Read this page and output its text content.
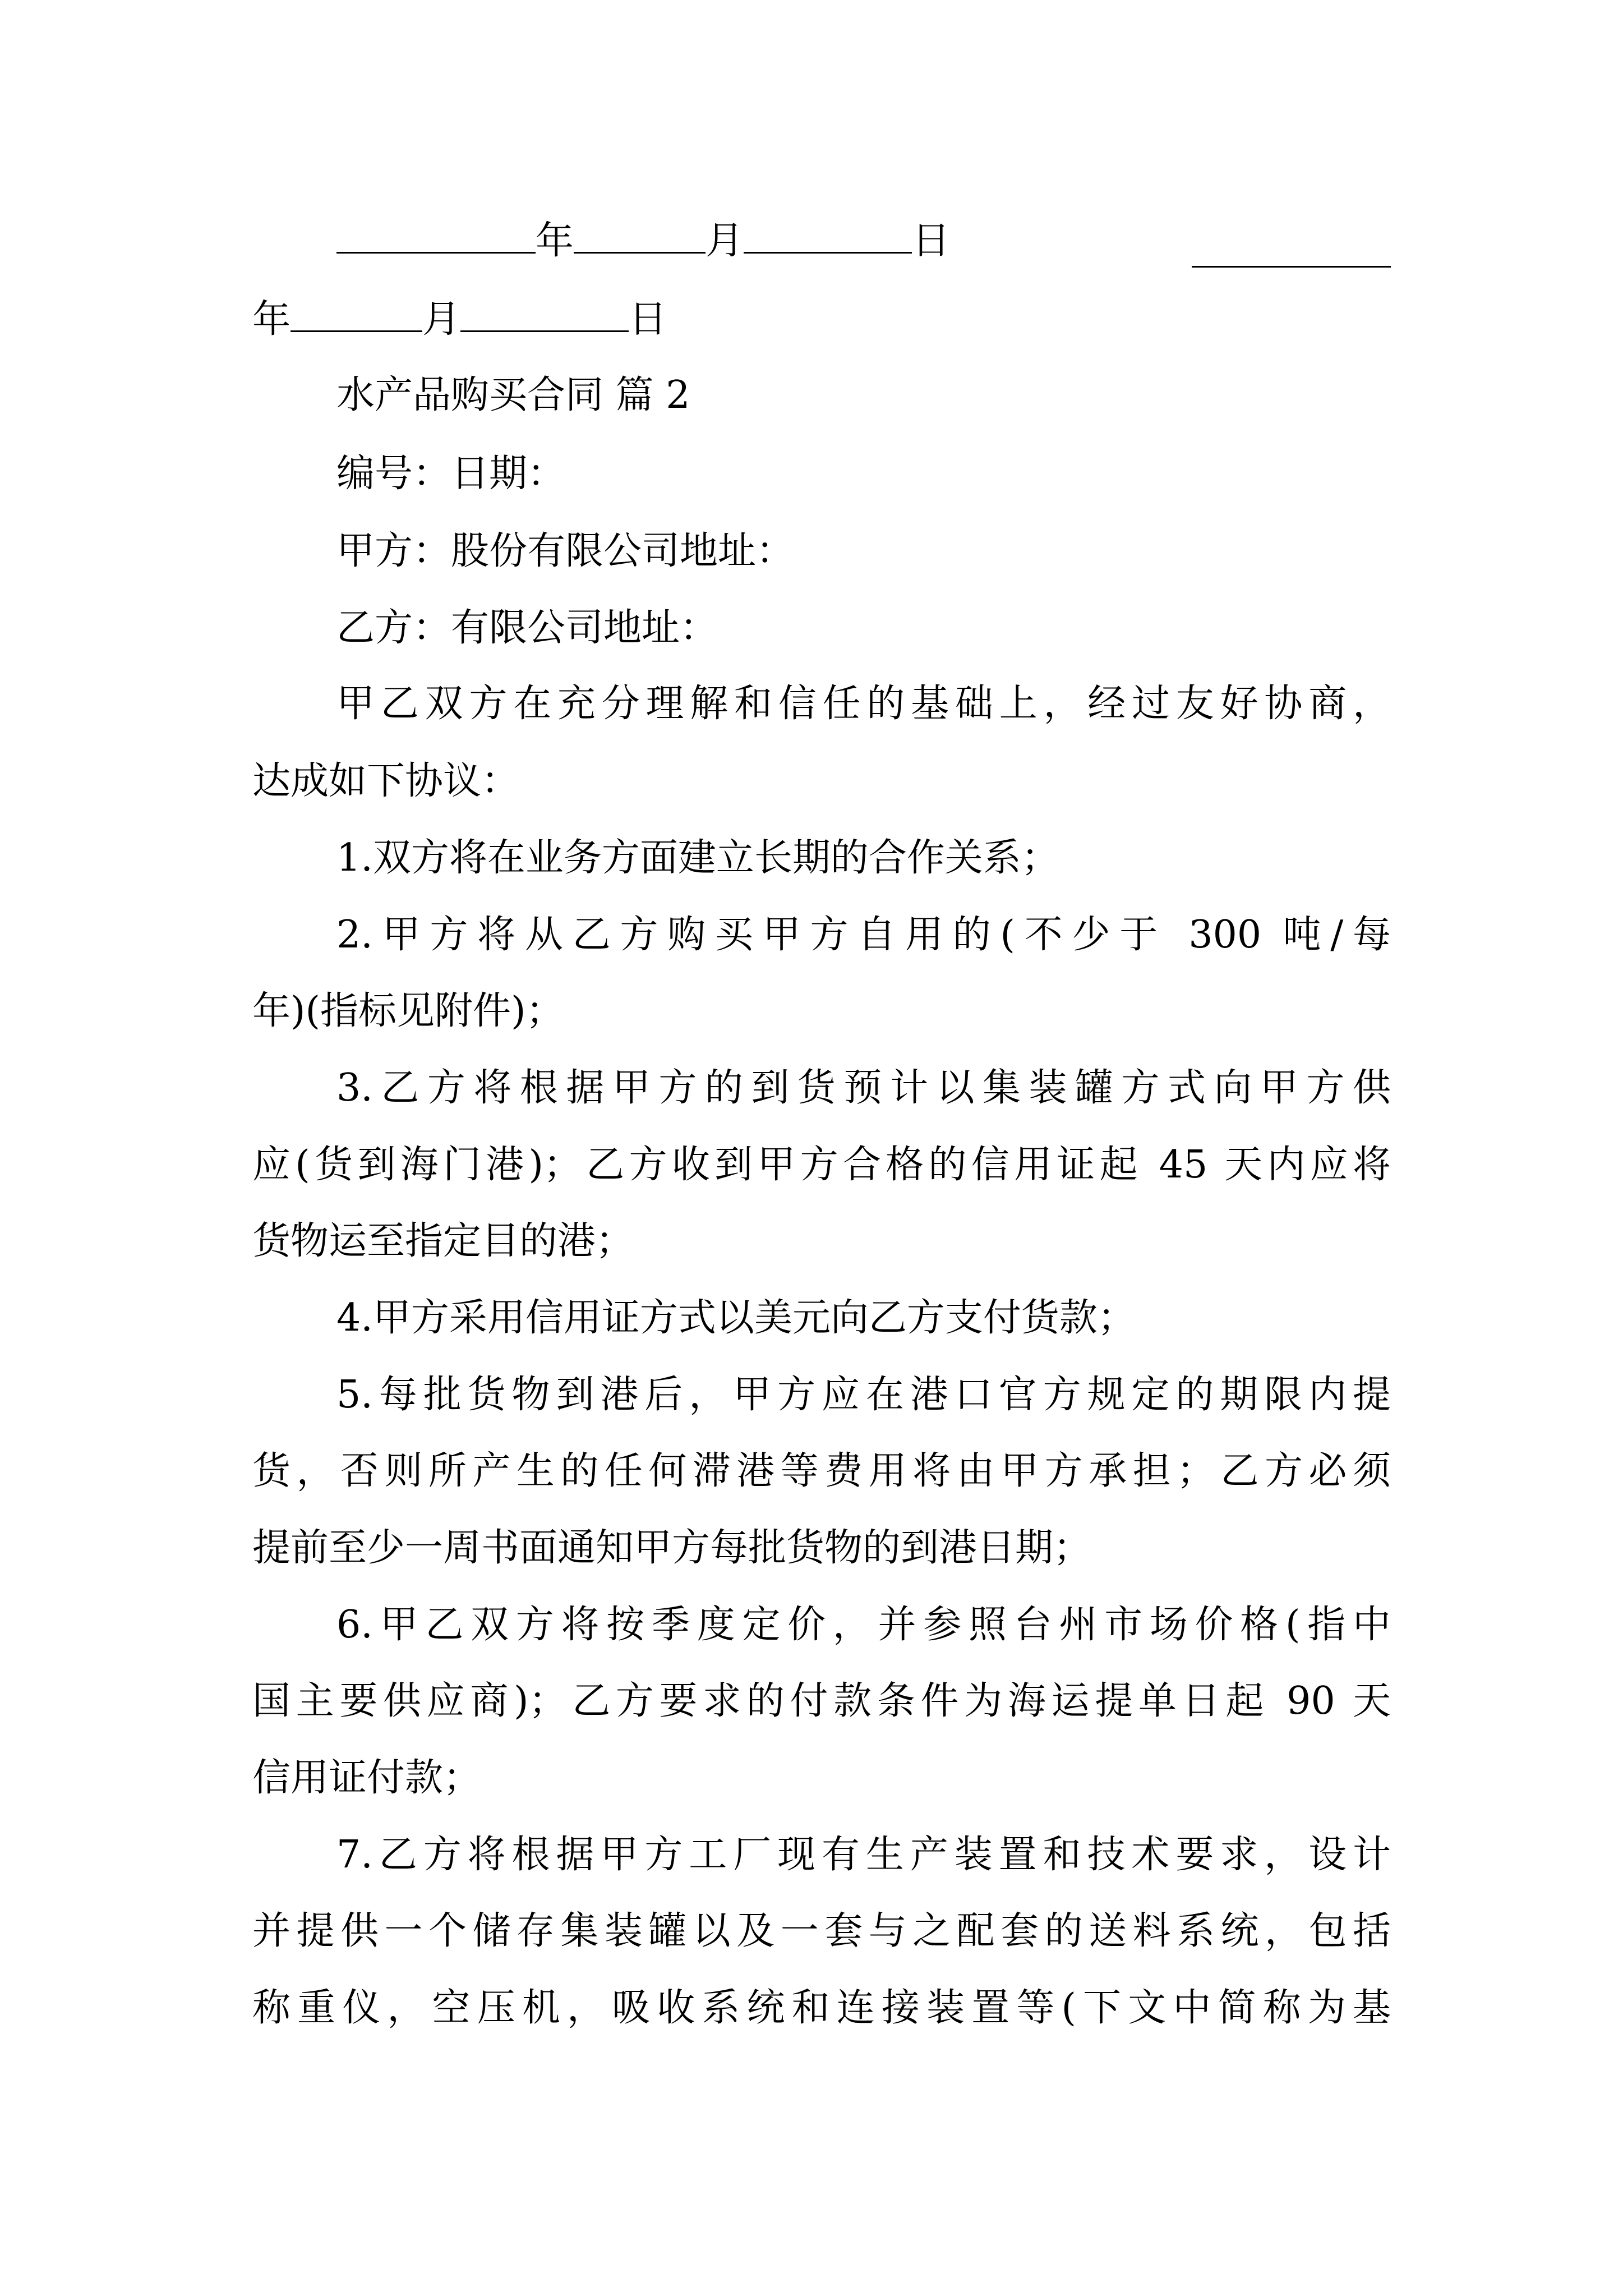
年	月	日
年	月	日
水产品购买合同 篇 2
编号：日期：
甲方：股份有限公司地址：
乙方：有限公司地址：
甲乙双方在充分理解和信任的基础上，经过友好协商，
达成如下协议：
1.双方将在业务方面建立长期的合作关系；
2.甲方将从乙方购买甲方自用的(不少于 300 吨/每
年)(指标见附件)；
3.乙方将根据甲方的到货预计以集装罐方式向甲方供
应(货到海门港)；乙方收到甲方合格的信用证起 45 天内应将
货物运至指定目的港；
4.甲方采用信用证方式以美元向乙方支付货款；
5.每批货物到港后，甲方应在港口官方规定的期限内提
货，否则所产生的任何滞港等费用将由甲方承担；乙方必须
提前至少一周书面通知甲方每批货物的到港日期；
6.甲乙双方将按季度定价，并参照台州市场价格(指中
国主要供应商)；乙方要求的付款条件为海运提单日起 90 天
信用证付款；
7.乙方将根据甲方工厂现有生产装置和技术要求，设计
并提供一个储存集装罐以及一套与之配套的送料系统，包括
称重仪，空压机，吸收系统和连接装置等(下文中简称为基
